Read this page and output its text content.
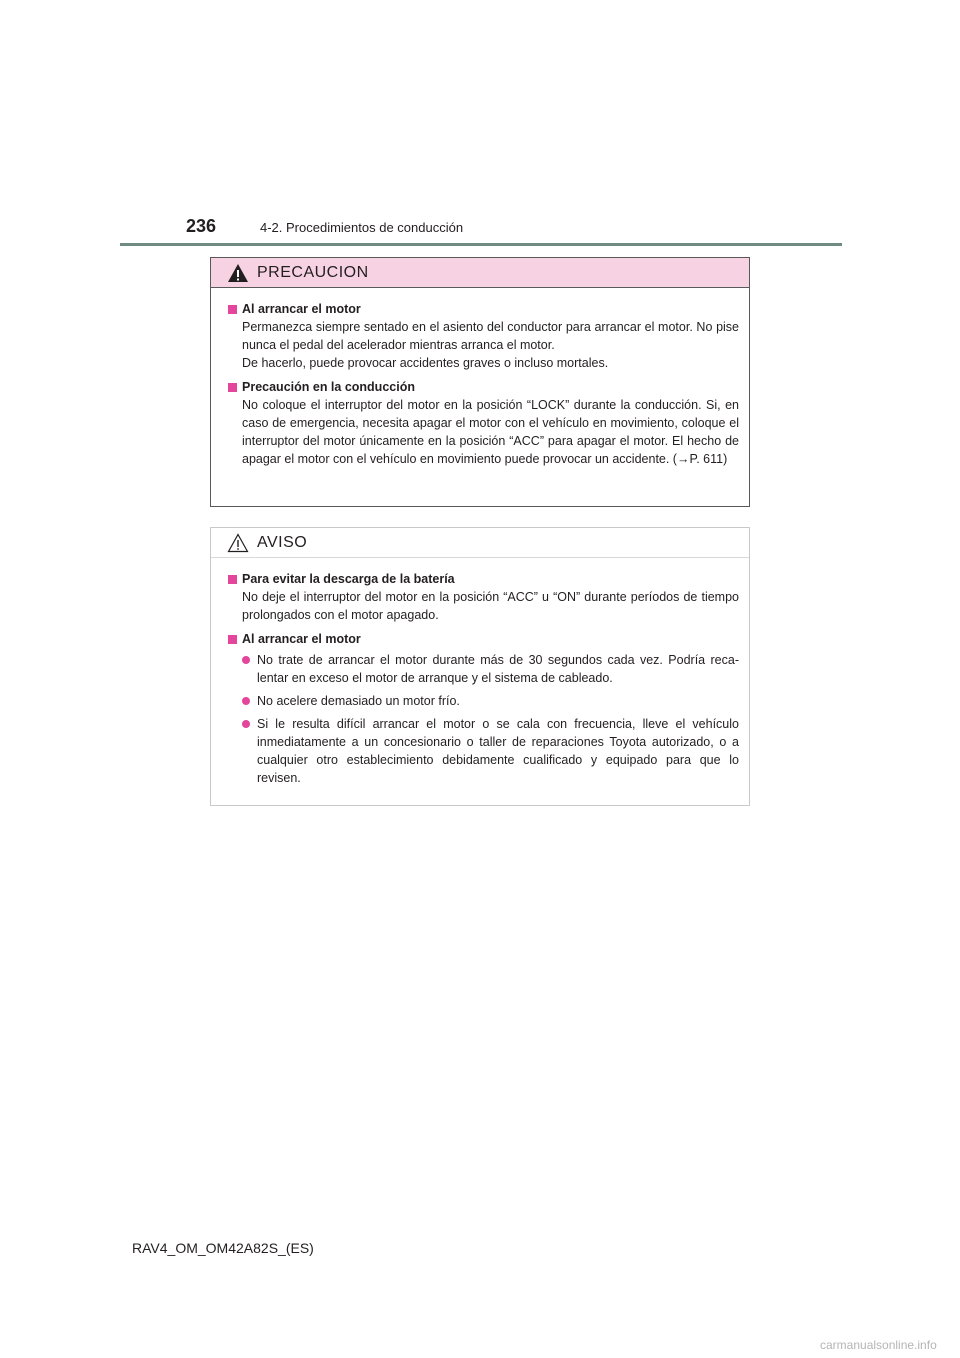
236	4-2. Procedimientos de conducción
PRECAUCION
Al arrancar el motor
Permanezca siempre sentado en el asiento del conductor para arrancar el motor. No pise nunca el pedal del acelerador mientras arranca el motor.
De hacerlo, puede provocar accidentes graves o incluso mortales.
Precaución en la conducción
No coloque el interruptor del motor en la posición “LOCK” durante la conducción. Si, en caso de emergencia, necesita apagar el motor con el vehículo en movimiento, coloque el interruptor del motor únicamente en la posición “ACC” para apagar el motor. El hecho de apagar el motor con el vehículo en movimiento puede provocar un accidente. (→P. 611)
AVISO
Para evitar la descarga de la batería
No deje el interruptor del motor en la posición “ACC” u “ON” durante períodos de tiempo prolongados con el motor apagado.
Al arrancar el motor
No trate de arrancar el motor durante más de 30 segundos cada vez. Podría reca-lentar en exceso el motor de arranque y el sistema de cableado.
No acelere demasiado un motor frío.
Si le resulta difícil arrancar el motor o se cala con frecuencia, lleve el vehículo inmediatamente a un concesionario o taller de reparaciones Toyota autorizado, o a cualquier otro establecimiento debidamente cualificado y equipado para que lo revisen.
RAV4_OM_OM42A82S_(ES)
carmanualsonline.info
